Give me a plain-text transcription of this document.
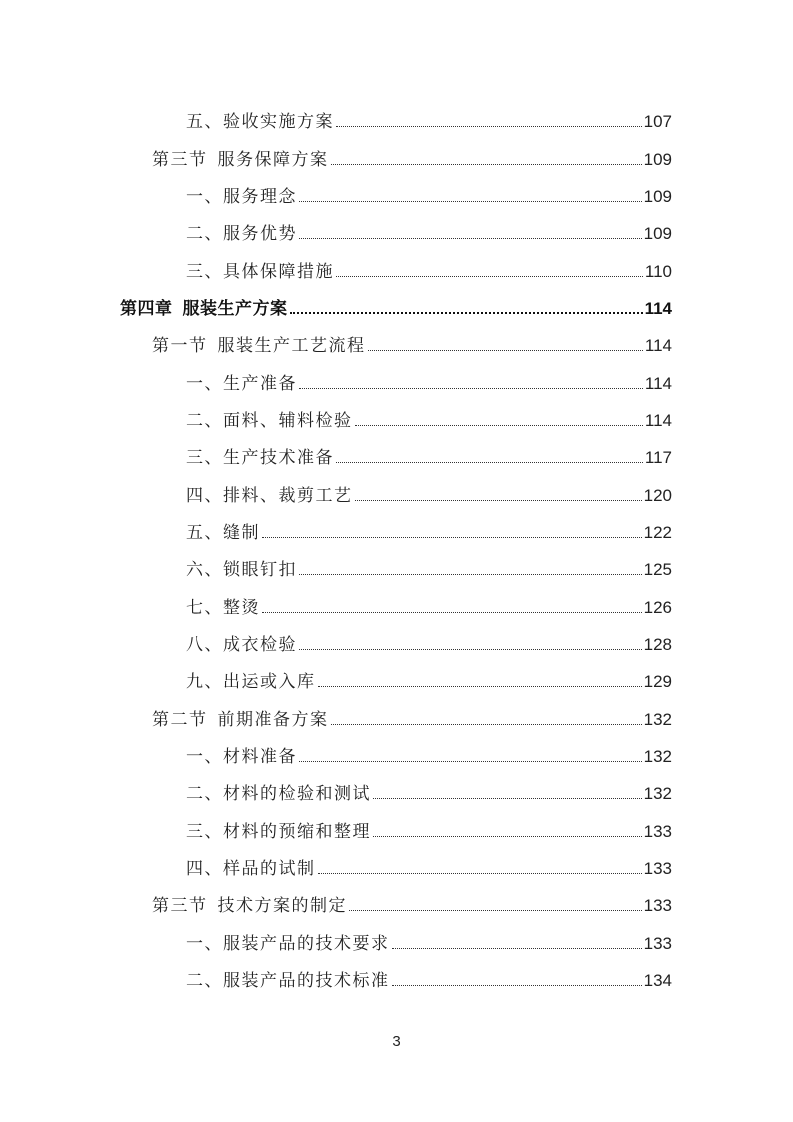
五、验收实施方案	107
第三节 服务保障方案	109
一、服务理念	109
二、服务优势	109
三、具体保障措施	110
第四章 服装生产方案	114
第一节 服装生产工艺流程	114
一、生产准备	114
二、面料、辅料检验	114
三、生产技术准备	117
四、排料、裁剪工艺	120
五、缝制	122
六、锁眼钉扣	125
七、整烫	126
八、成衣检验	128
九、出运或入库	129
第二节 前期准备方案	132
一、材料准备	132
二、材料的检验和测试	132
三、材料的预缩和整理	133
四、样品的试制	133
第三节 技术方案的制定	133
一、服装产品的技术要求	133
二、服装产品的技术标准	134
3
